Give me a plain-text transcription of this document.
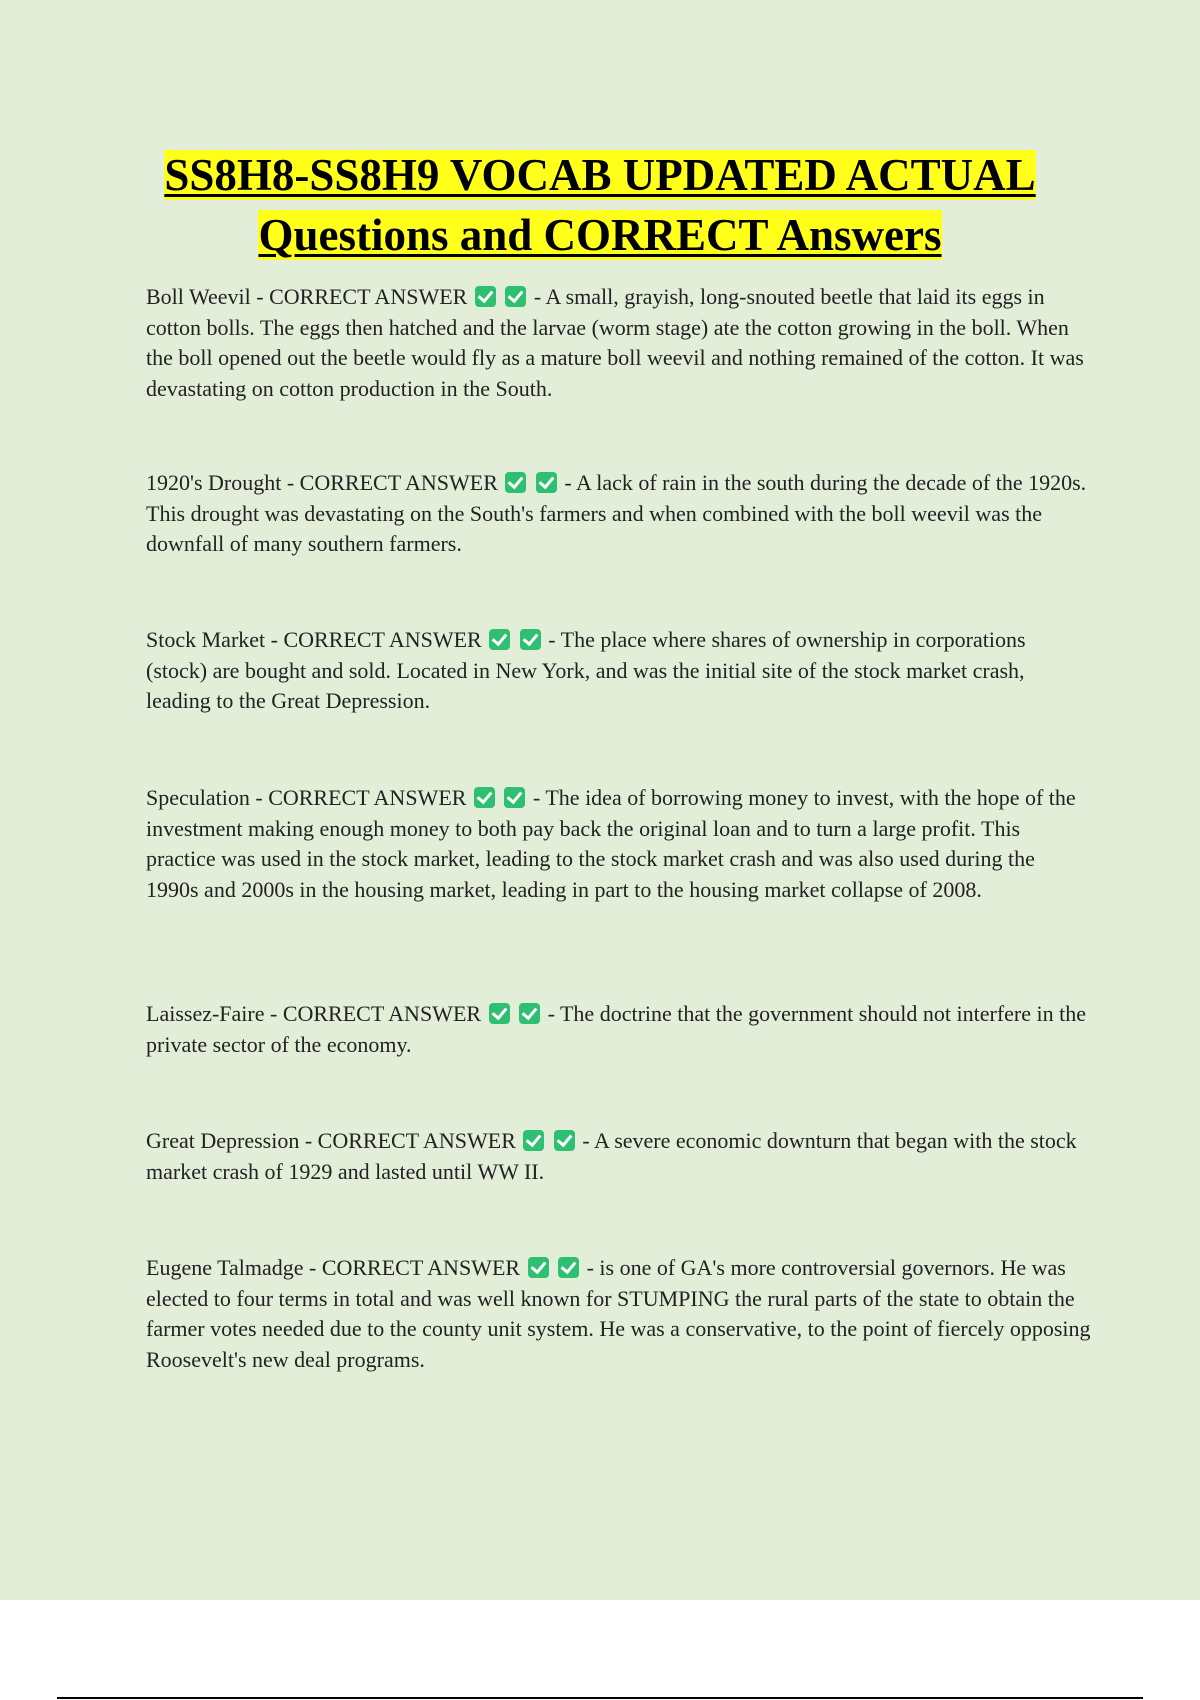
SS8H8-SS8H9 VOCAB UPDATED ACTUAL
Questions and CORRECT Answers

Boll Weevil - CORRECT ANSWER	- A small, grayish, long-snouted beetle that laid its eggs in cotton bolls. The eggs then hatched and the larvae (worm stage) ate the cotton growing in the boll. When the boll opened out the beetle would fly as a mature boll weevil and nothing remained of the cotton. It was devastating on cotton production in the South.

1920's Drought - CORRECT ANSWER	- A lack of rain in the south during the decade of the 1920s. This drought was devastating on the South's farmers and when combined with the boll weevil was the downfall of many southern farmers.

Stock Market - CORRECT ANSWER	- The place where shares of ownership in corporations (stock) are bought and sold. Located in New York, and was the initial site of the stock market crash, leading to the Great Depression.

Speculation - CORRECT ANSWER	- The idea of borrowing money to invest, with the hope of the investment making enough money to both pay back the original loan and to turn a large profit. This practice was used in the stock market, leading to the stock market crash and was also used during the 1990s and 2000s in the housing market, leading in part to the housing market collapse of 2008.

Laissez-Faire - CORRECT ANSWER	- The doctrine that the government should not interfere in the private sector of the economy.

Great Depression - CORRECT ANSWER	- A severe economic downturn that began with the stock market crash of 1929 and lasted until WW II.

Eugene Talmadge - CORRECT ANSWER	- is one of GA's more controversial governors. He was elected to four terms in total and was well known for STUMPING the rural parts of the state to obtain the farmer votes needed due to the county unit system. He was a conservative, to the point of fiercely opposing Roosevelt's new deal programs.
